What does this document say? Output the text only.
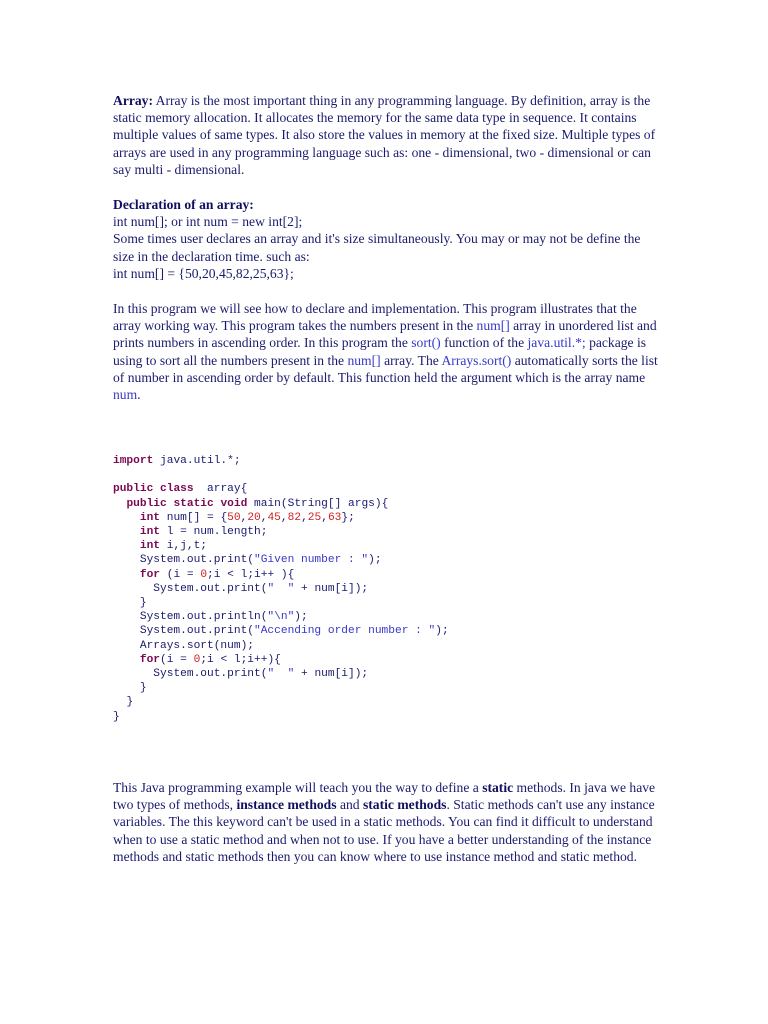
Array: Array is the most important thing in any programming language. By definition, array is the static memory allocation. It allocates the memory for the same data type in sequence. It contains multiple values of same types. It also store the values in memory at the fixed size. Multiple types of arrays are used in any programming language such as: one - dimensional, two - dimensional or can say multi - dimensional.

Declaration of an array:
int num[]; or int num = new int[2];
Some times user declares an array and it's size simultaneously. You may or may not be define the size in the declaration time. such as:
int num[] = {50,20,45,82,25,63};

In this program we will see how to declare and implementation. This program illustrates that the array working way. This program takes the numbers present in the num[] array in unordered list and prints numbers in ascending order. In this program the sort() function of the java.util.*; package is using to sort all the numbers present in the num[] array. The Arrays.sort() automatically sorts the list of number in ascending order by default. This function held the argument which is the array name num.

import java.util.*;

public class  array{
public static void main(String[] args){
int num[] = {50,20,45,82,25,63};
int l = num.length;
int i,j,t;
System.out.print("Given number : ");
for (i = 0;i < l;i++ ){
System.out.print("  " + num[i]);
}
System.out.println("\n");
System.out.print("Accending order number : ");
Arrays.sort(num);
for(i = 0;i < l;i++){
System.out.print("  " + num[i]);
}
}
}

This Java programming example will teach you the way to define a static methods. In java we have two types of methods, instance methods and static methods. Static methods can't use any instance variables. The this keyword can't be used in a static methods. You can find it difficult to understand when to use a static method and when not to use. If you have a better understanding of the instance methods and static methods then you can know where to use instance method and static method.
